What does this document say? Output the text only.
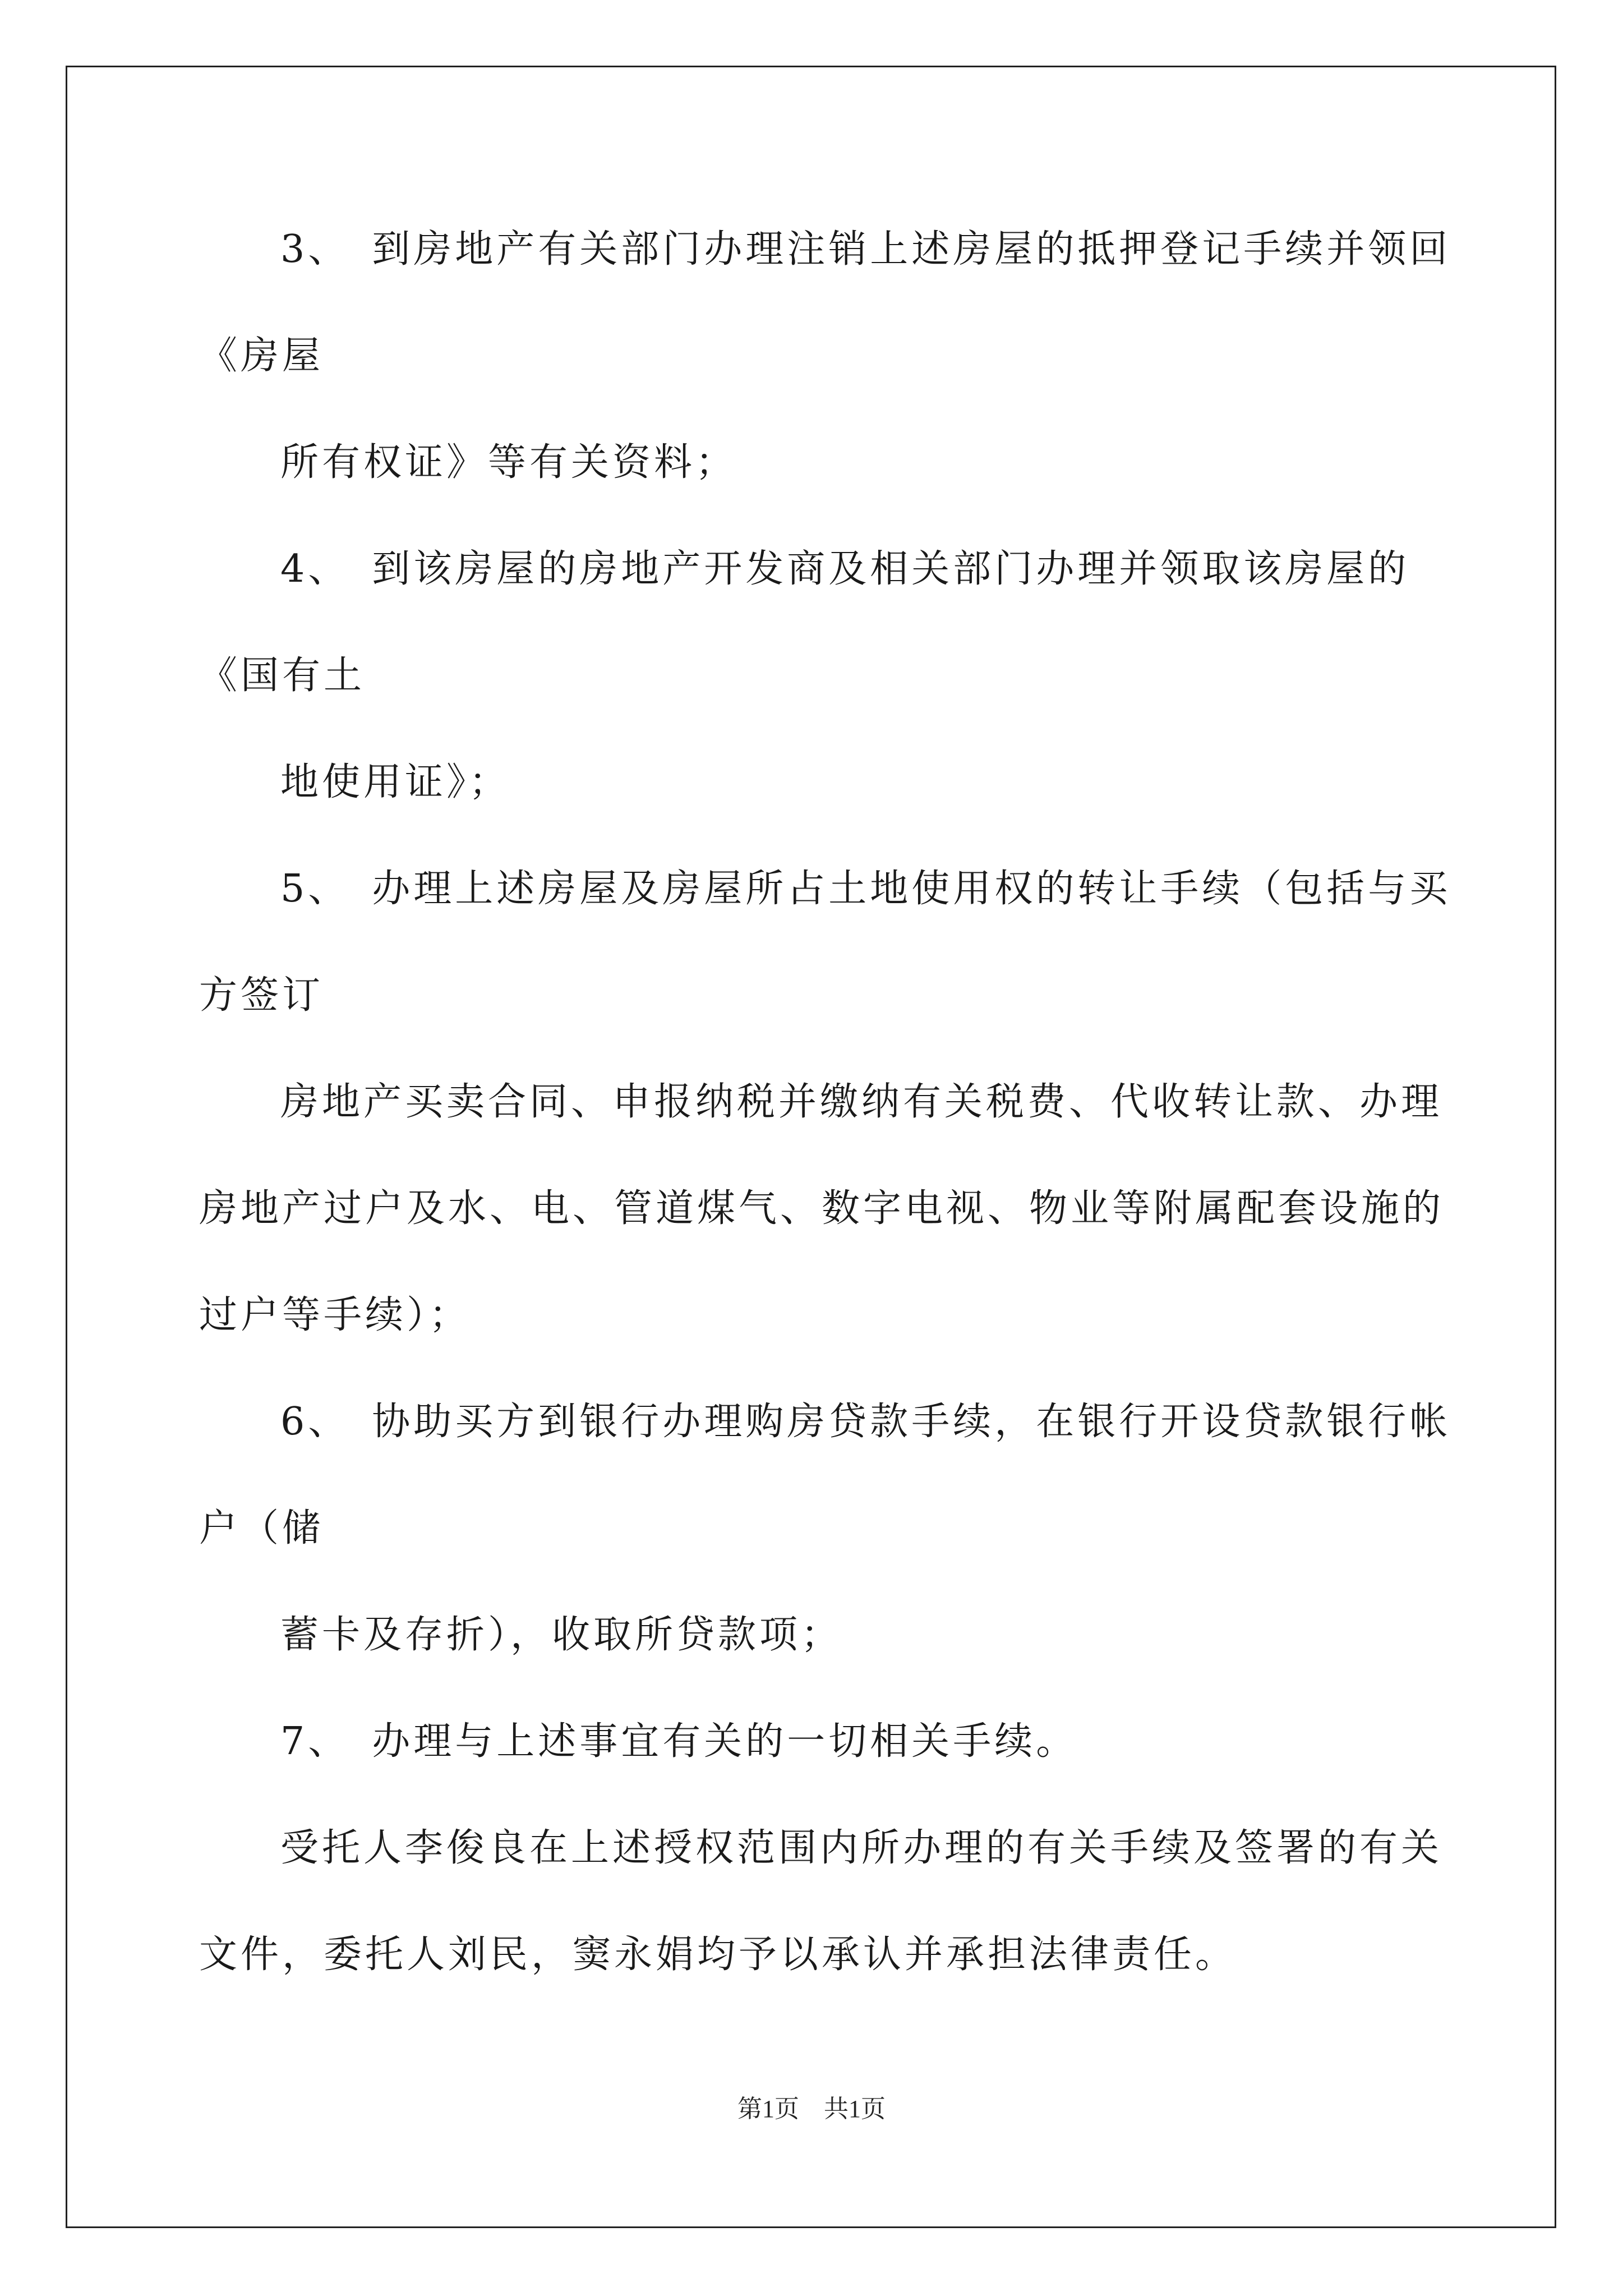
3、　到房地产有关部门办理注销上述房屋的抵押登记手续并领回
《房屋
所有权证》等有关资料；
4、　到该房屋的房地产开发商及相关部门办理并领取该房屋的
《国有土
地使用证》；
5、　办理上述房屋及房屋所占土地使用权的转让手续（包括与买
方签订
房地产买卖合同、申报纳税并缴纳有关税费、代收转让款、办理
房地产过户及水、电、管道煤气、数字电视、物业等附属配套设施的
过户等手续）；
6、　协助买方到银行办理购房贷款手续，在银行开设贷款银行帐
户（储
蓄卡及存折），收取所贷款项；
7、　办理与上述事宜有关的一切相关手续。
受托人李俊良在上述授权范围内所办理的有关手续及签署的有关
文件，委托人刘民，窦永娟均予以承认并承担法律责任。
第1页　共1页
